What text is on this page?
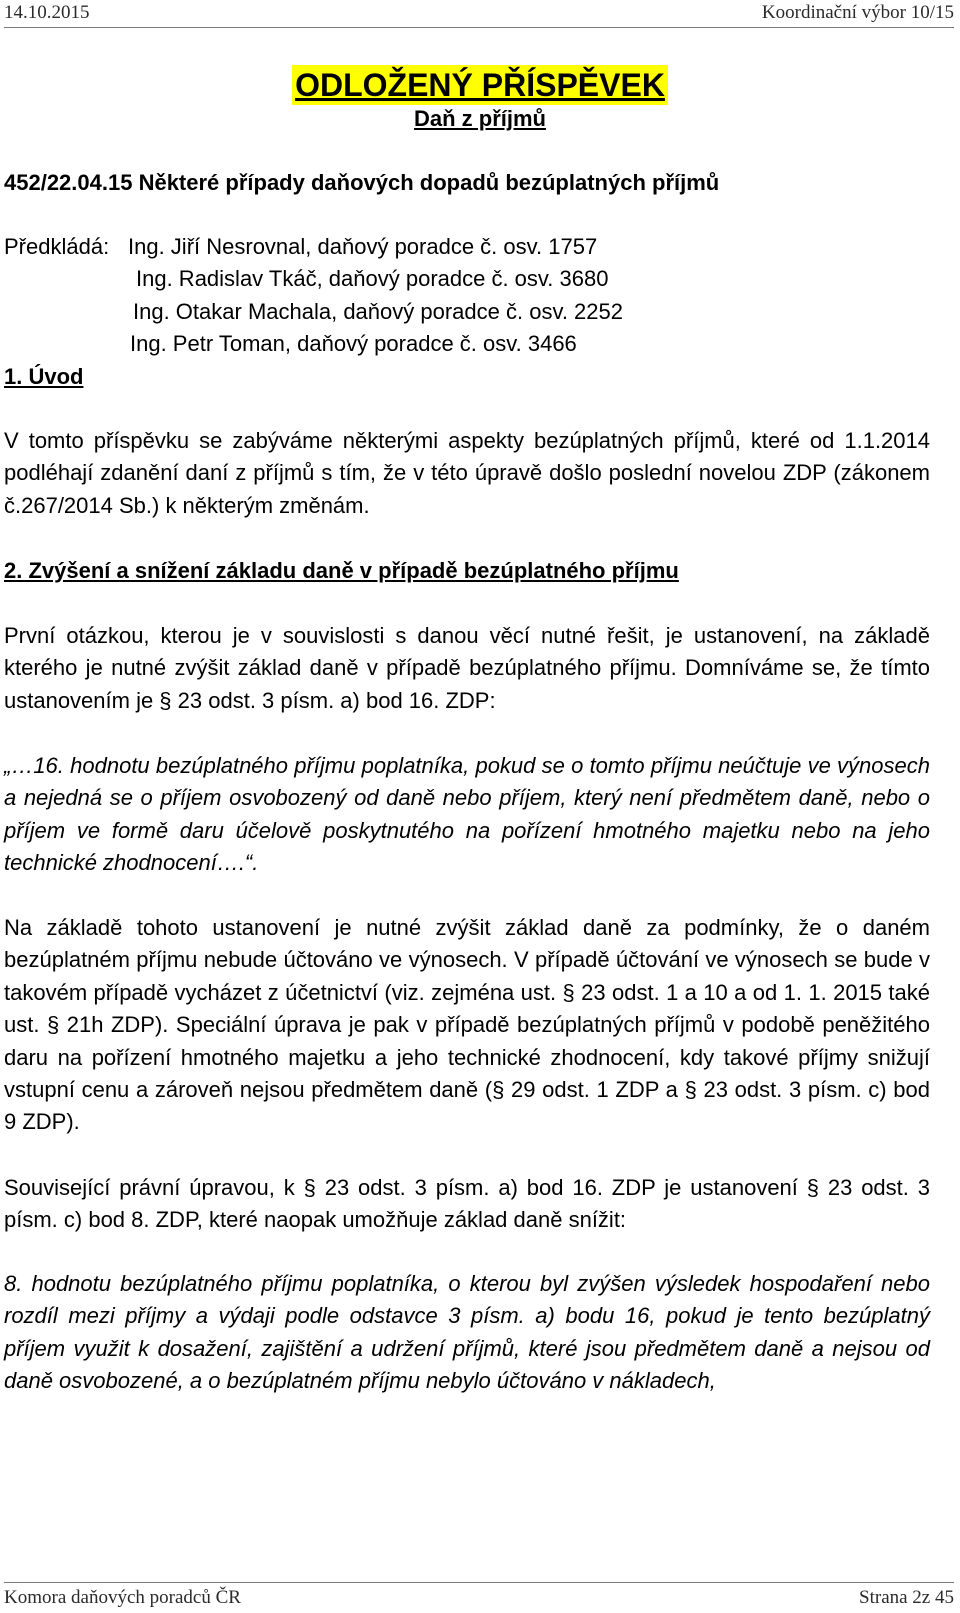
14.10.2015	Koordinační výbor 10/15
ODLOŽENÝ PŘÍSPĚVEK
Daň z příjmů
452/22.04.15 Některé případy daňových dopadů bezúplatných příjmů
Předkládá: Ing. Jiří Nesrovnal, daňový poradce č. osv. 1757
Ing. Radislav Tkáč, daňový poradce č. osv. 3680
Ing. Otakar Machala, daňový poradce č. osv. 2252
Ing. Petr Toman, daňový poradce č. osv. 3466
1. Úvod
V tomto příspěvku se zabýváme některými aspekty bezúplatných příjmů, které od 1.1.2014 podléhají zdanění daní z příjmů s tím, že v této úpravě došlo poslední novelou ZDP (zákonem č.267/2014 Sb.) k některým změnám.
2. Zvýšení a snížení základu daně v případě bezúplatného příjmu
První otázkou, kterou je v souvislosti s danou věcí nutné řešit, je ustanovení, na základě kterého je nutné zvýšit základ daně v případě bezúplatného příjmu. Domníváme se, že tímto ustanovením je § 23 odst. 3 písm. a) bod 16. ZDP:
„…16. hodnotu bezúplatného příjmu poplatníka, pokud se o tomto příjmu neúčtuje ve výnosech a nejedná se o příjem osvobozený od daně nebo příjem, který není předmětem daně, nebo o příjem ve formě daru účelově poskytnutého na pořízení hmotného majetku nebo na jeho technické zhodnocení….“.
Na základě tohoto ustanovení je nutné zvýšit základ daně za podmínky, že o daném bezúplatném příjmu nebude účtováno ve výnosech. V případě účtování ve výnosech se bude v takovém případě vycházet z účetnictví (viz. zejména ust. § 23 odst. 1 a 10 a od 1. 1. 2015 také ust. § 21h ZDP). Speciální úprava je pak v případě bezúplatných příjmů v podobě peněžitého daru na pořízení hmotného majetku a jeho technické zhodnocení, kdy takové příjmy snižují vstupní cenu a zároveň nejsou předmětem daně (§ 29 odst. 1 ZDP a § 23 odst. 3 písm. c) bod 9 ZDP).
Související právní úpravou, k § 23 odst. 3 písm. a) bod 16. ZDP je ustanovení § 23 odst. 3 písm. c) bod 8. ZDP, které naopak umožňuje základ daně snížit:
8. hodnotu bezúplatného příjmu poplatníka, o kterou byl zvýšen výsledek hospodaření nebo rozdíl mezi příjmy a výdaji podle odstavce 3 písm. a) bodu 16, pokud je tento bezúplatný příjem využit k dosažení, zajištění a udržení příjmů, které jsou předmětem daně a nejsou od daně osvobozené, a o bezúplatném příjmu nebylo účtováno v nákladech,
Komora daňových poradců ČR	Strana 2z 45
